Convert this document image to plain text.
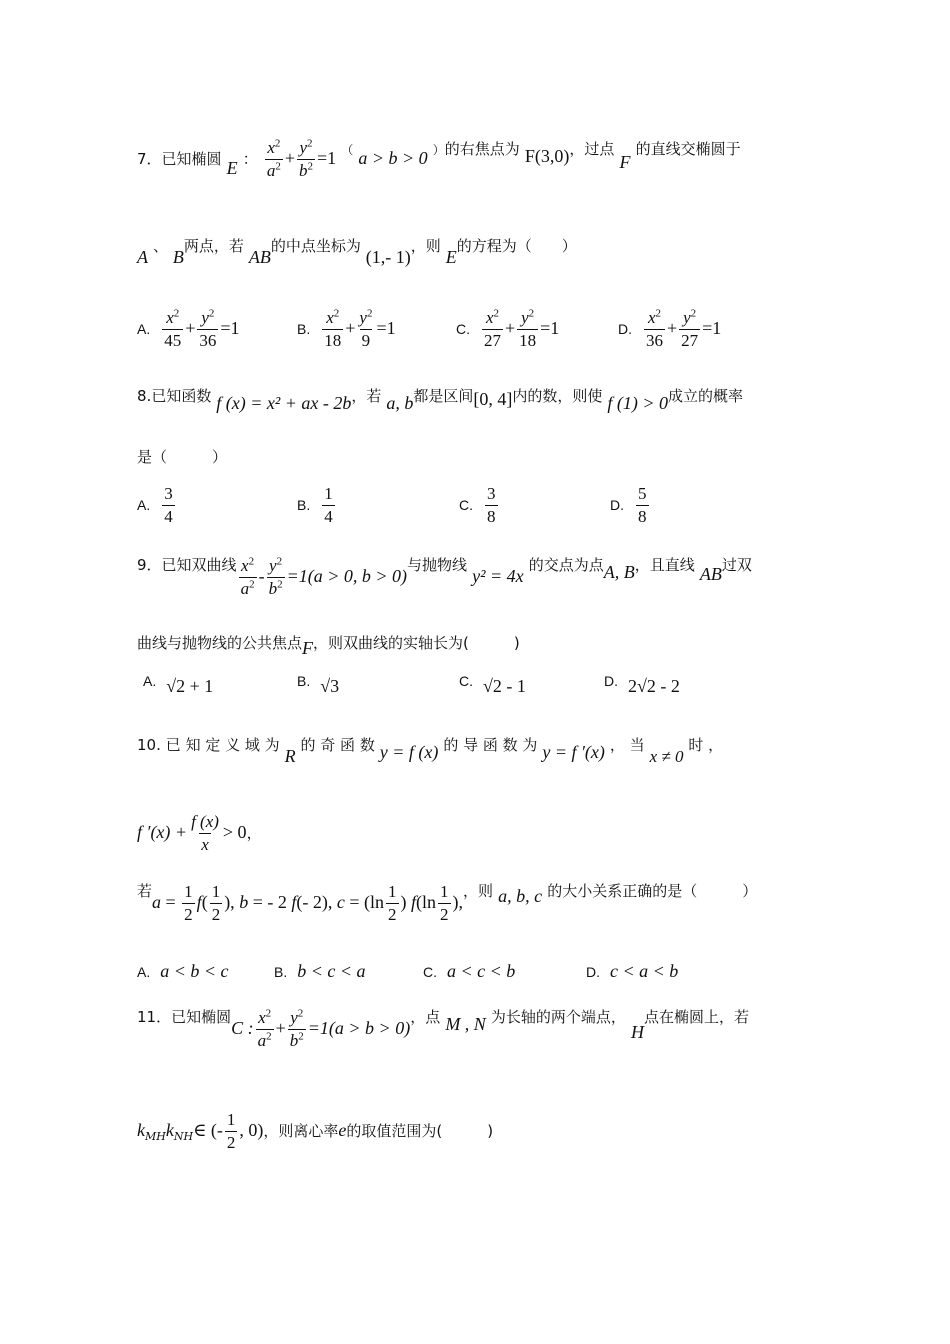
7．已知椭圆 E ： $\frac{x^2}{a^2} + \frac{y^2}{b^2} =1$ （ a > b > 0 ）的右焦点为 F(3,0)，过点 F 的直线交椭圆于
A 、 B两点，若 AB的中点坐标为 (1,- 1)，则 E的方程为（　　）
A. $\frac{x^2}{45} + \frac{y^2}{36} =1$	B. $\frac{x^2}{18} + \frac{y^2}{9} =1$	C. $\frac{x^2}{27} + \frac{y^2}{18} =1$	D. $\frac{x^2}{36} + \frac{y^2}{27} =1$
8.已知函数 f (x) = x² + ax - 2b，若 a, b都是区间[0, 4]内的数，则使 f (1) > 0成立的概率
是（　　　）
A. $\frac{3}{4}$	B. $\frac{1}{4}$	C. $\frac{3}{8}$	D. $\frac{5}{8}$
9．已知双曲线 $\frac{x^2}{a^2} - \frac{y^2}{b^2} =1(a > 0$, b > 0)与抛物线 y² = 4x 的交点为点A, B，且直线 AB过双
曲线与抛物线的公共焦点F，则双曲线的实轴长为(　　　)
A. √2 + 1	B. √3	C. √2 - 1	D. 2√2 - 2
10. 已 知 定 义 域 为 R 的 奇 函 数 y = f (x) 的 导 函 数 为 y = f ′(x) ， 当 x ≠ 0 时 ，
f $'(x) + \frac{f (x)}{x} > 0$，
若$a = \frac{1}{2} f( \frac{1}{2}$ ), b = - 2 f(- 2), $c = (\ln \frac{1}{2}$ ) $f(\ln \frac{1}{2}$ ),，则 a, b, c 的大小关系正确的是（　　　）
A. a < b < c	B. b < c < a	C. a < c < b	D. c < a < b
11．已知椭圆C : $\frac{x^2}{a^2} + \frac{y^2}{b^2} =1(a > b > 0)$，点 M , N 为长轴的两个端点， H点在椭圆上，若
$k_{MH}k_{NH}\in$ (- $\frac{1}{2}$ , 0)，则离心率e的取值范围为(　　　)
